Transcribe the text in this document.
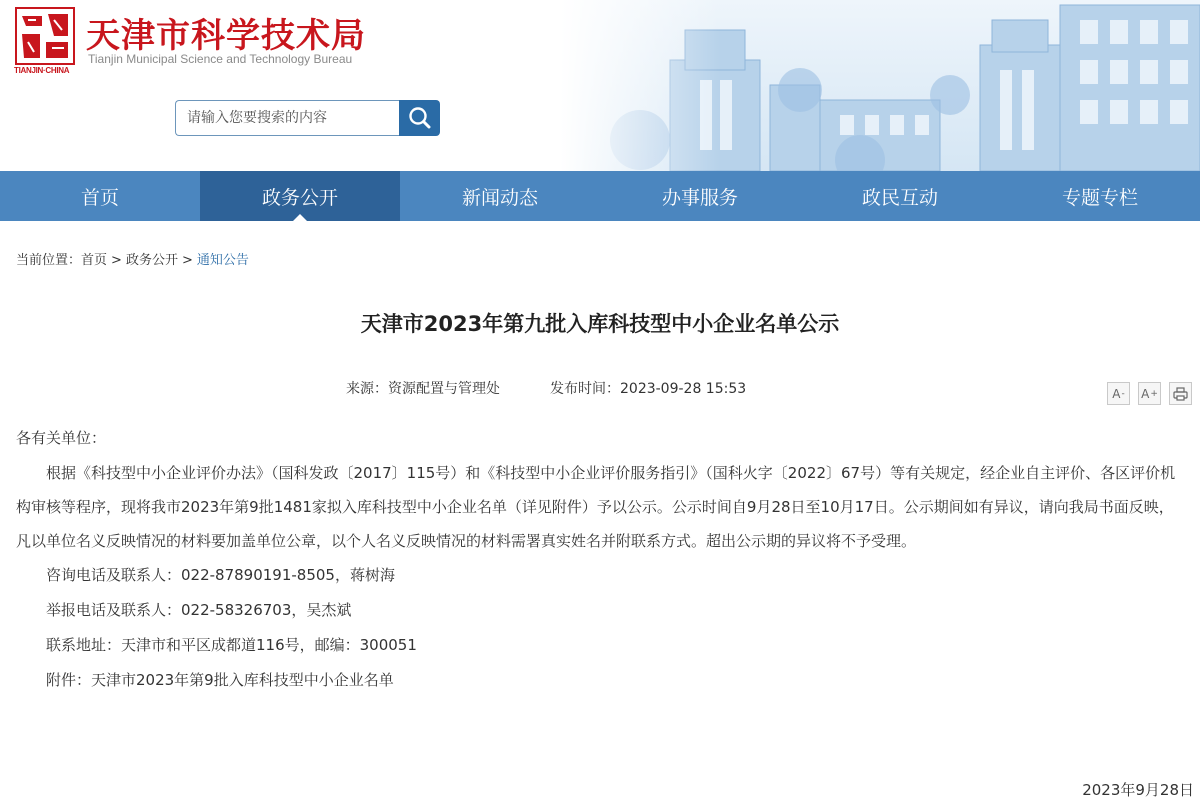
TIANJIN·CHINA
天津市科学技术局
Tianjin Municipal Science and Technology Bureau
请输入您要搜索的内容
首页	政务公开	新闻动态	办事服务	政民互动	专题专栏
当前位置：首页 > 政务公开 > 通知公告
天津市2023年第九批入库科技型中小企业名单公示
来源：资源配置与管理处	发布时间：2023-09-28 15:53	A - A +

各有关单位：

根据《科技型中小企业评价办法》（国科发政〔2017〕115号）和《科技型中小企业评价服务指引》（国科火字〔2022〕67号）等有关规定，经企业自主评价、各区评价机构审核等程序，现将我市2023年第9批1481家拟入库科技型中小企业名单（详见附件）予以公示。公示时间自9月28日至10月17日。公示期间如有异议，请向我局书面反映，凡以单位名义反映情况的材料要加盖单位公章，以个人名义反映情况的材料需署真实姓名并附联系方式。超出公示期的异议将不予受理。

咨询电话及联系人：022-87890191-8505，蒋树海

举报电话及联系人：022-58326703，吴杰斌

联系地址：天津市和平区成都道116号，邮编：300051

附件：天津市2023年第9批入库科技型中小企业名单

2023年9月28日
